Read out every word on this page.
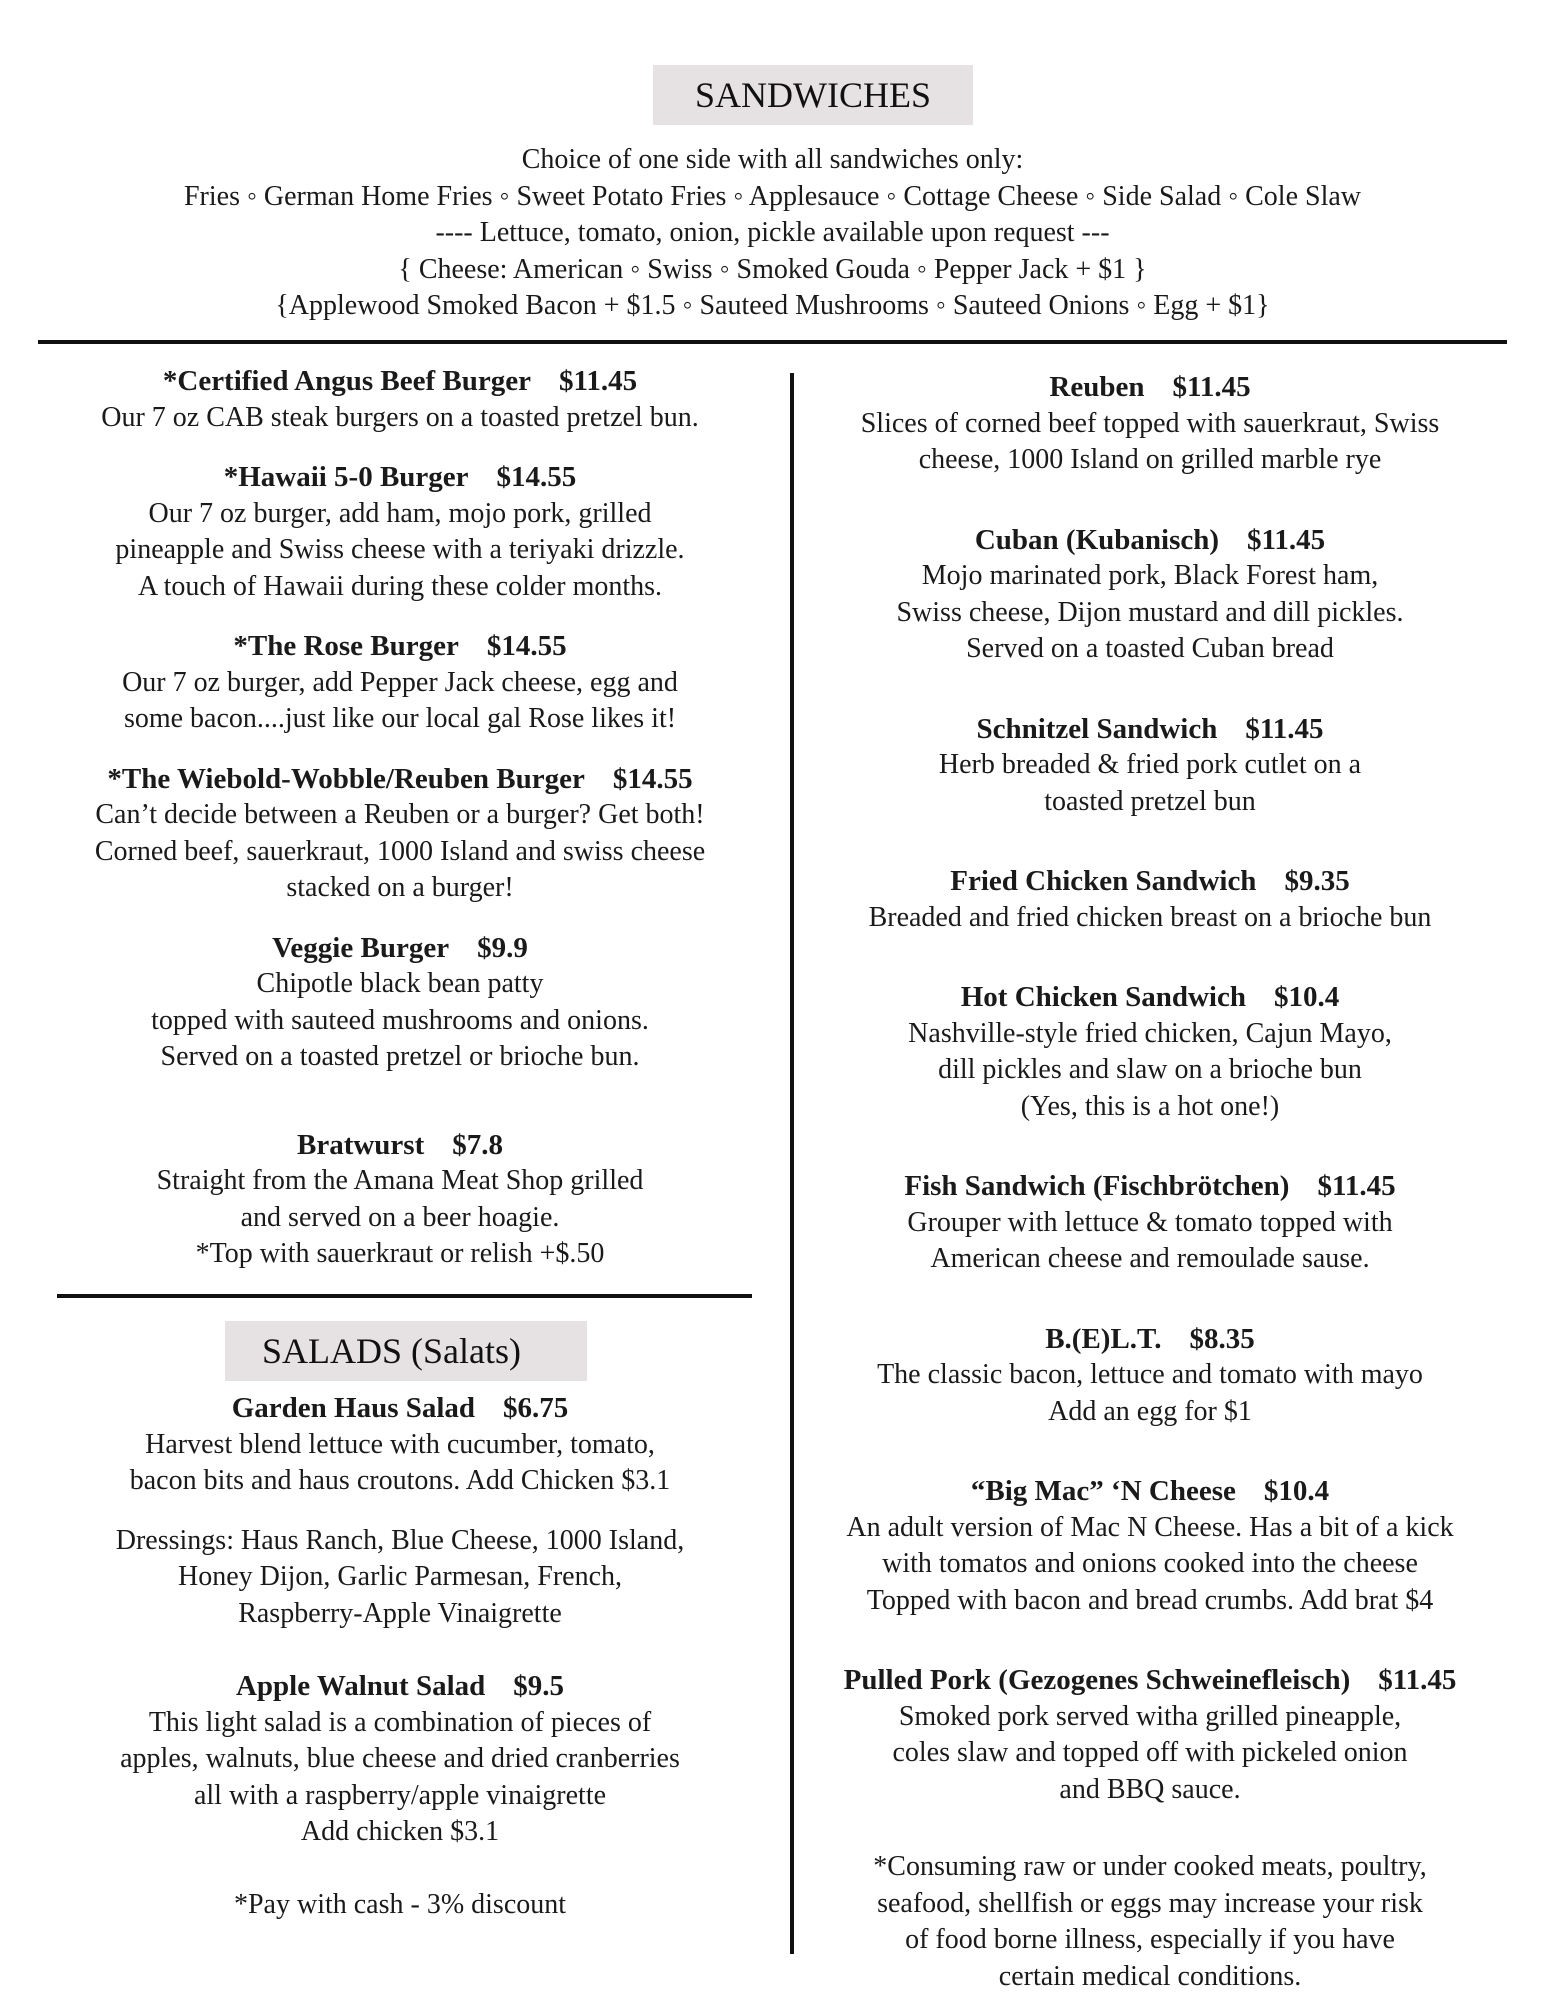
SANDWICHES
Choice of one side with all sandwiches only:
Fries ◦ German Home Fries ◦ Sweet Potato Fries ◦ Applesauce ◦ Cottage Cheese ◦ Side Salad ◦ Cole Slaw
---- Lettuce, tomato, onion, pickle available upon request ---
{ Cheese: American ◦ Swiss ◦ Smoked Gouda ◦ Pepper Jack + $1 }
{Applewood Smoked Bacon + $1.5 ◦ Sauteed Mushrooms ◦ Sauteed Onions ◦ Egg + $1}
*Certified Angus Beef Burger $11.45
Our 7 oz CAB steak burgers on a toasted pretzel bun.
*Hawaii 5-0 Burger $14.55
Our 7 oz burger, add ham, mojo pork, grilled
pineapple and Swiss cheese with a teriyaki drizzle.
A touch of Hawaii during these colder months.
*The Rose Burger $14.55
Our 7 oz burger, add Pepper Jack cheese, egg and
some bacon....just like our local gal Rose likes it!
*The Wiebold-Wobble/Reuben Burger $14.55
Can’t decide between a Reuben or a burger? Get both!
Corned beef, sauerkraut, 1000 Island and swiss cheese
stacked on a burger!
Veggie Burger $9.9
Chipotle black bean patty
topped with sauteed mushrooms and onions.
Served on a toasted pretzel or brioche bun.
Bratwurst $7.8
Straight from the Amana Meat Shop grilled
and served on a beer hoagie.
*Top with sauerkraut or relish +$.50
SALADS (Salats)
Garden Haus Salad $6.75
Harvest blend lettuce with cucumber, tomato,
bacon bits and haus croutons. Add Chicken $3.1
Dressings: Haus Ranch, Blue Cheese, 1000 Island,
Honey Dijon, Garlic Parmesan, French,
Raspberry-Apple Vinaigrette
Apple Walnut Salad $9.5
This light salad is a combination of pieces of
apples, walnuts, blue cheese and dried cranberries
all with a raspberry/apple vinaigrette
Add chicken $3.1
*Pay with cash - 3% discount
Reuben $11.45
Slices of corned beef topped with sauerkraut, Swiss
cheese, 1000 Island on grilled marble rye
Cuban (Kubanisch) $11.45
Mojo marinated pork, Black Forest ham,
Swiss cheese, Dijon mustard and dill pickles.
Served on a toasted Cuban bread
Schnitzel Sandwich $11.45
Herb breaded & fried pork cutlet on a
toasted pretzel bun
Fried Chicken Sandwich $9.35
Breaded and fried chicken breast on a brioche bun
Hot Chicken Sandwich $10.4
Nashville-style fried chicken, Cajun Mayo,
dill pickles and slaw on a brioche bun
(Yes, this is a hot one!)
Fish Sandwich (Fischbrötchen) $11.45
Grouper with lettuce & tomato topped with
American cheese and remoulade sause.
B.(E)L.T. $8.35
The classic bacon, lettuce and tomato with mayo
Add an egg for $1
“Big Mac” ‘N Cheese $10.4
An adult version of Mac N Cheese. Has a bit of a kick
with tomatos and onions cooked into the cheese
Topped with bacon and bread crumbs. Add brat $4
Pulled Pork (Gezogenes Schweinefleisch) $11.45
Smoked pork served witha grilled pineapple,
coles slaw and topped off with pickeled onion
and BBQ sauce.
*Consuming raw or under cooked meats, poultry,
seafood, shellfish or eggs may increase your risk
of food borne illness, especially if you have
certain medical conditions.
